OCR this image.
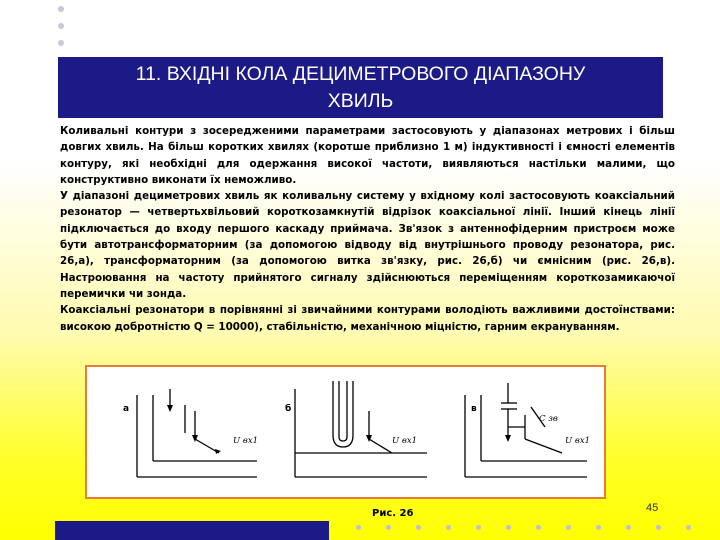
11. ВХІДНІ КОЛА ДЕЦИМЕТРОВОГО ДІАПАЗОНУ
ХВИЛЬ

Коливальні контури з зосередженими параметрами застосовують у діапазонах метрових і більш довгих хвиль. На більш коротких хвилях (коротше приблизно 1 м) індуктивності і ємності елементів контуру, які необхідні для одержання високої частоти, виявляються настільки малими, що конструктивно виконати їх неможливо.

У діапазоні дециметрових хвиль як коливальну систему у вхідному колі застосовують коаксіальний резонатор — четвертьхвільовий короткозамкнутій відрізок коаксіальної лінії. Інший кінець лінії підключається до входу першого каскаду приймача. Зв'язок з антеннофідерним пристроєм може бути автотрансформаторним (за допомогою відводу від внутрішнього проводу резонатора, рис. 26,а), трансформаторним (за допомогою витка зв'язку, рис. 26,б) чи ємнісним (рис. 26,в). Настроювання на частоту прийнятого сигналу здійснюються переміщенням короткозамикаючої перемички чи зонда.

Коаксіальні резонатори в порівнянні зі звичайними контурами володіють важливими достоїнствами: високою добротністю Q = 10000), стабільністю, механічною міцністю, гарним екрануванням.

а	б	в
U вх1	U вх1	U вх1
C зв
Рис. 26	45
